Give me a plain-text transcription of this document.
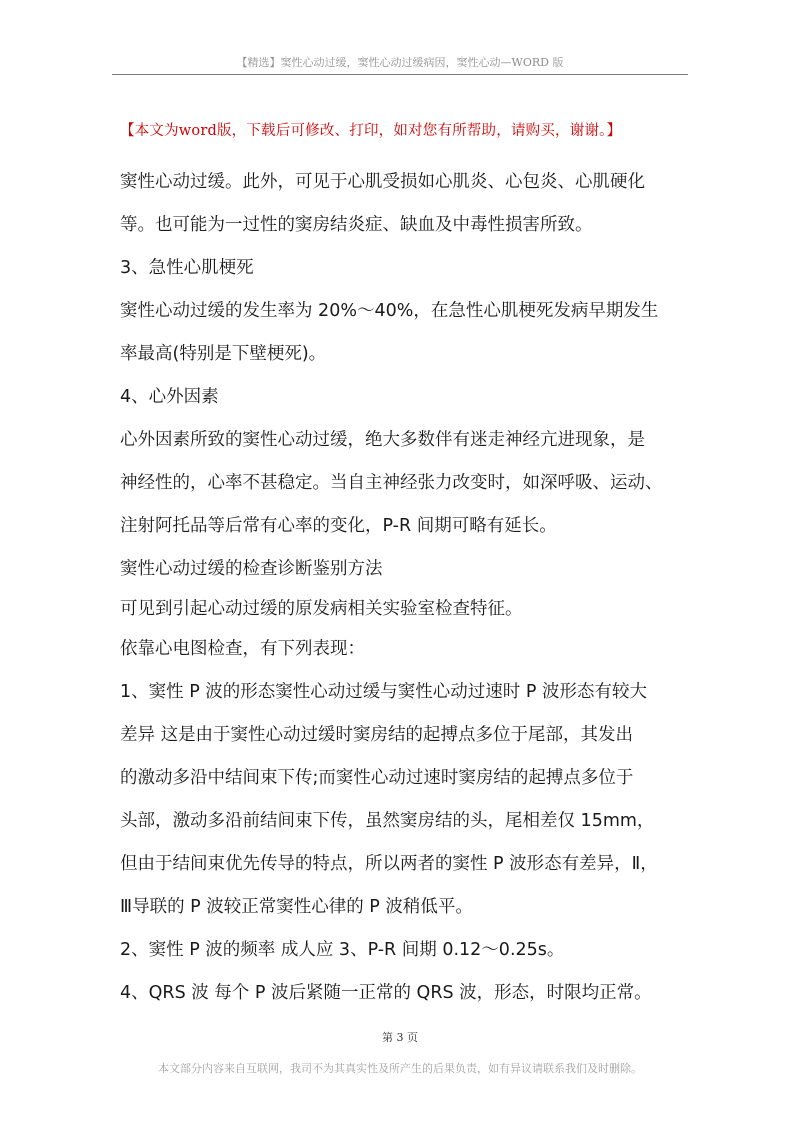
【精选】窦性心动过缓，窦性心动过缓病因，窦性心动—WORD 版
【本文为word版，下载后可修改、打印，如对您有所帮助，请购买，谢谢。】
窦性心动过缓。此外，可见于心肌受损如心肌炎、心包炎、心肌硬化
等。也可能为一过性的窦房结炎症、缺血及中毒性损害所致。
3、急性心肌梗死
窦性心动过缓的发生率为 20%～40%，在急性心肌梗死发病早期发生
率最高(特别是下壁梗死)。
4、心外因素
心外因素所致的窦性心动过缓，绝大多数伴有迷走神经亢进现象，是
神经性的，心率不甚稳定。当自主神经张力改变时，如深呼吸、运动、
注射阿托品等后常有心率的变化，P-R 间期可略有延长。
窦性心动过缓的检查诊断鉴别方法
可见到引起心动过缓的原发病相关实验室检查特征。
依靠心电图检查，有下列表现：
1、窦性 P 波的形态窦性心动过缓与窦性心动过速时 P 波形态有较大
差异 这是由于窦性心动过缓时窦房结的起搏点多位于尾部，其发出
的激动多沿中结间束下传;而窦性心动过速时窦房结的起搏点多位于
头部，激动多沿前结间束下传，虽然窦房结的头，尾相差仅 15mm，
但由于结间束优先传导的特点，所以两者的窦性 P 波形态有差异，Ⅱ，
Ⅲ导联的 P 波较正常窦性心律的 P 波稍低平。
2、窦性 P 波的频率 成人应 3、P-R 间期 0.12～0.25s。
4、QRS 波 每个 P 波后紧随一正常的 QRS 波，形态，时限均正常。
第 3 页
本文部分内容来自互联网，我司不为其真实性及所产生的后果负责，如有异议请联系我们及时删除。
